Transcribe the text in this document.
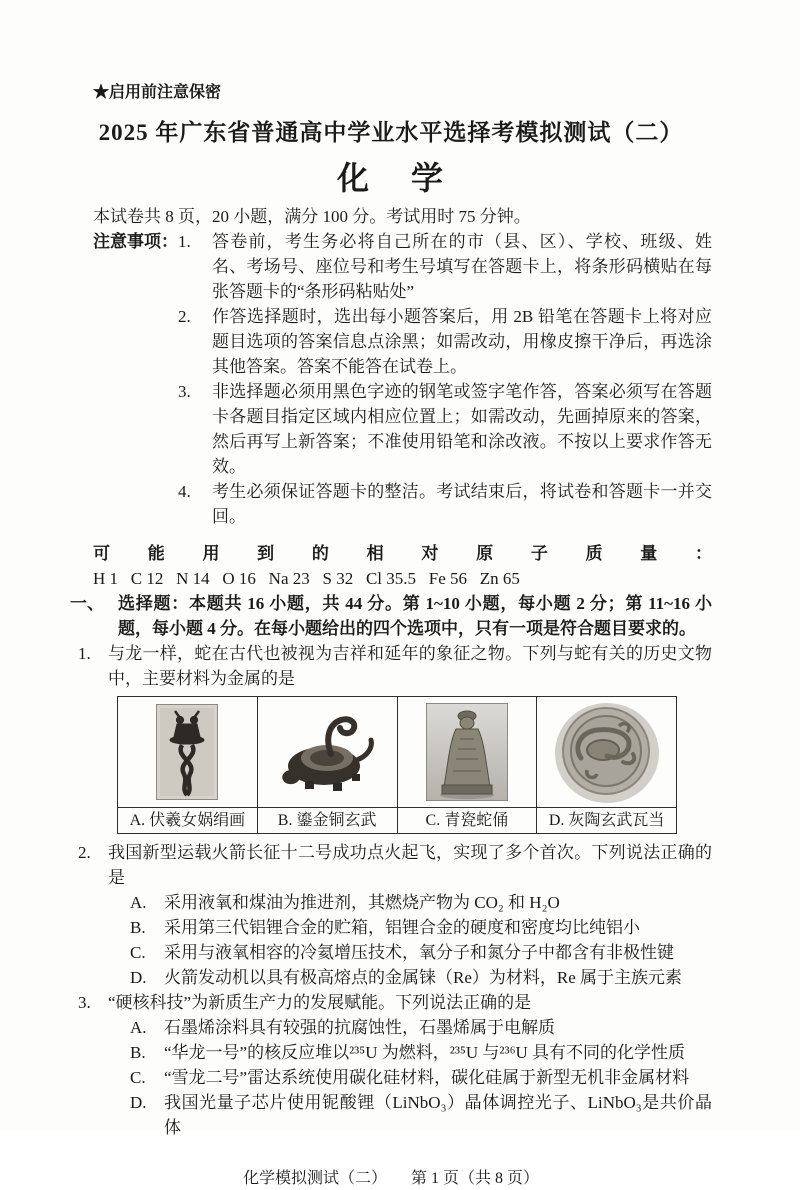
★启用前注意保密
2025 年广东省普通高中学业水平选择考模拟测试（二）
化    学
本试卷共 8 页，20 小题，满分 100 分。考试用时 75 分钟。
注意事项： 1.	答卷前，考生务必将自己所在的市（县、区）、学校、班级、姓名、考场号、座位号和考生号填写在答题卡上，将条形码横贴在每张答题卡的“条形码粘贴处”
2.	作答选择题时，选出每小题答案后，用 2B 铅笔在答题卡上将对应题目选项的答案信息点涂黑；如需改动，用橡皮擦干净后，再选涂其他答案。答案不能答在试卷上。
3.	非选择题必须用黑色字迹的钢笔或签字笔作答，答案必须写在答题卡各题目指定区域内相应位置上；如需改动，先画掉原来的答案，然后再写上新答案；不准使用铅笔和涂改液。不按以上要求作答无效。
4.	考生必须保证答题卡的整洁。考试结束后，将试卷和答题卡一并交回。
可能用到的相对原子质量：H 1   C 12   N 14   O 16   Na 23   S 32   Cl 35.5   Fe 56   Zn 65
一、 选择题：本题共 16 小题，共 44 分。第 1~10 小题，每小题 2 分；第 11~16 小题，每小题 4 分。在每小题给出的四个选项中，只有一项是符合题目要求的。
1.	与龙一样，蛇在古代也被视为吉祥和延年的象征之物。下列与蛇有关的历史文物中，主要材料为金属的是

A. 伏羲女娲绢画	B. 鎏金铜玄武	C. 青瓷蛇俑	D. 灰陶玄武瓦当
2.	我国新型运载火箭长征十二号成功点火起飞，实现了多个首次。下列说法正确的是
A.	采用液氧和煤油为推进剂，其燃烧产物为 CO₂ 和 H₂O
B.	采用第三代铝锂合金的贮箱，铝锂合金的硬度和密度均比纯铝小
C.	采用与液氧相容的冷氦增压技术，氧分子和氮分子中都含有非极性键
D.	火箭发动机以具有极高熔点的金属铼（Re）为材料，Re 属于主族元素
3.	“硬核科技”为新质生产力的发展赋能。下列说法正确的是
A.	石墨烯涂料具有较强的抗腐蚀性，石墨烯属于电解质
B.	“华龙一号”的核反应堆以²³⁵U 为燃料，²³⁵U 与²³⁶U 具有不同的化学性质
C.	“雪龙二号”雷达系统使用碳化硅材料，碳化硅属于新型无机非金属材料
D.	我国光量子芯片使用铌酸锂（LiNbO₃）晶体调控光子、LiNbO₃是共价晶体
化学模拟测试（二）      第 1 页（共 8 页）
